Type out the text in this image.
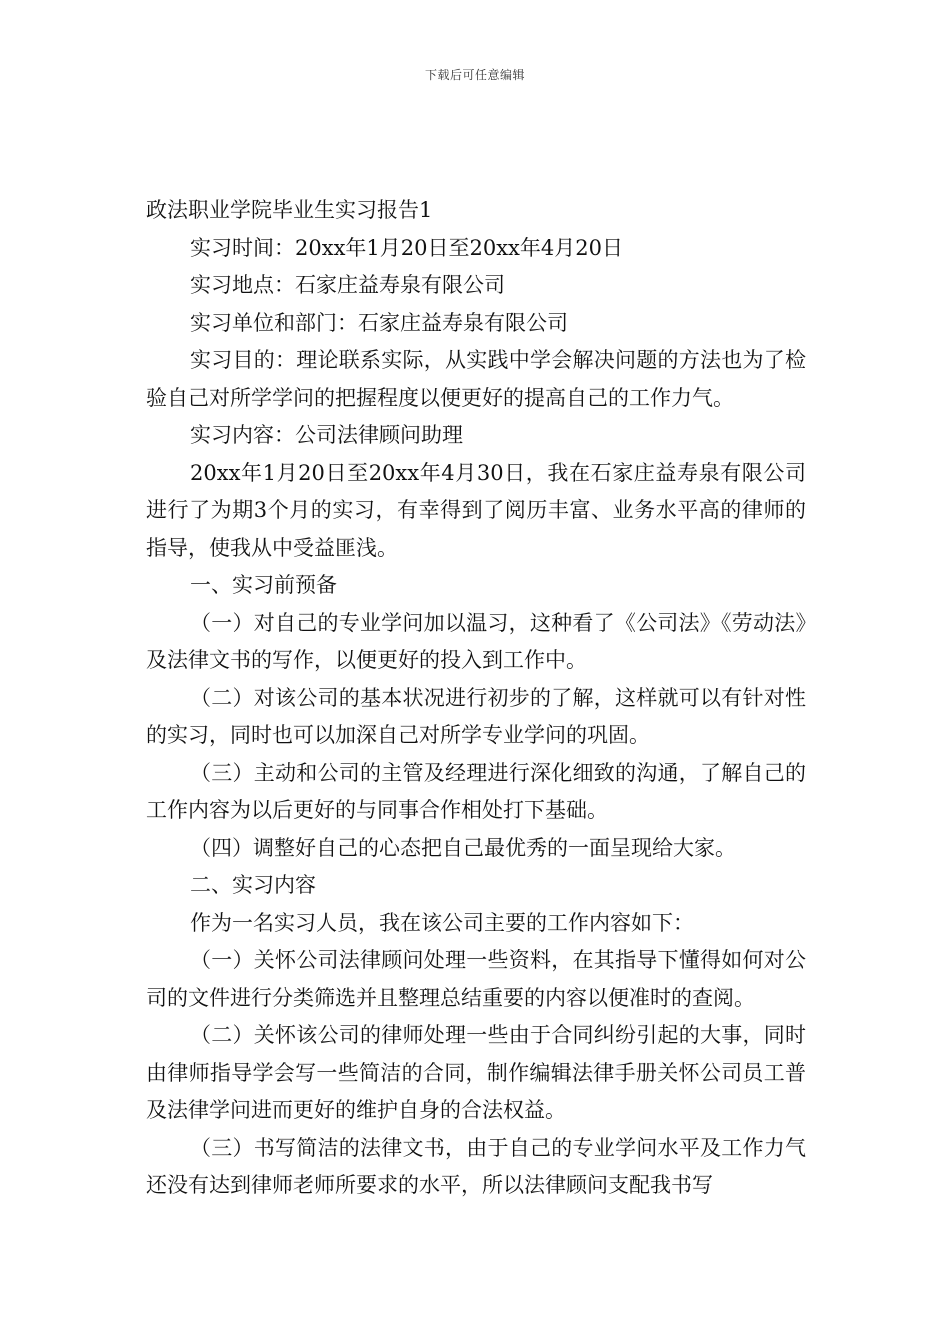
下载后可任意编辑

政法职业学院毕业生实习报告1

实习时间：20xx年1月20日至20xx年4月20日

实习地点：石家庄益寿泉有限公司

实习单位和部门：石家庄益寿泉有限公司

实习目的：理论联系实际，从实践中学会解决问题的方法也为了检验自己对所学学问的把握程度以便更好的提高自己的工作力气。

实习内容：公司法律顾问助理

20xx年1月20日至20xx年4月30日，我在石家庄益寿泉有限公司进行了为期3个月的实习，有幸得到了阅历丰富、业务水平高的律师的指导，使我从中受益匪浅。

一、实习前预备

（一）对自己的专业学问加以温习，这种看了《公司法》《劳动法》及法律文书的写作，以便更好的投入到工作中。

（二）对该公司的基本状况进行初步的了解，这样就可以有针对性的实习，同时也可以加深自己对所学专业学问的巩固。

（三）主动和公司的主管及经理进行深化细致的沟通，了解自己的工作内容为以后更好的与同事合作相处打下基础。

（四）调整好自己的心态把自己最优秀的一面呈现给大家。

二、实习内容

作为一名实习人员，我在该公司主要的工作内容如下：

（一）关怀公司法律顾问处理一些资料，在其指导下懂得如何对公司的文件进行分类筛选并且整理总结重要的内容以便准时的查阅。

（二）关怀该公司的律师处理一些由于合同纠纷引起的大事，同时由律师指导学会写一些简洁的合同，制作编辑法律手册关怀公司员工普及法律学问进而更好的维护自身的合法权益。

（三）书写简洁的法律文书，由于自己的专业学问水平及工作力气还没有达到律师老师所要求的水平，所以法律顾问支配我书写
